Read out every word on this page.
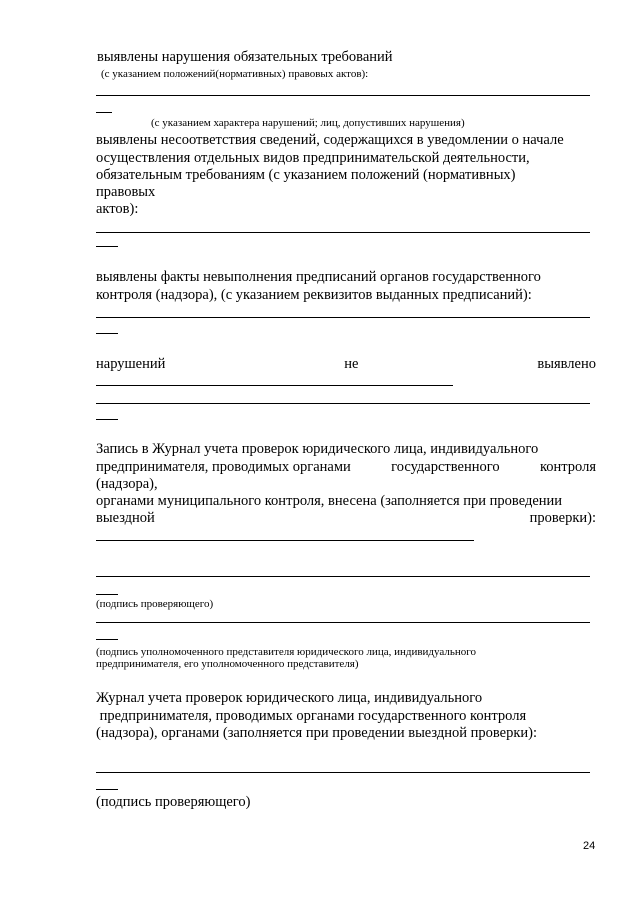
выявлены нарушения обязательных требований
(с указанием положений(нормативных) правовых актов):
(с указанием характера нарушений; лиц, допустивших нарушения)
выявлены несоответствия сведений, содержащихся в уведомлении о начале
осуществления отдельных видов предпринимательской деятельности,
обязательным требованиям (с указанием положений (нормативных)
правовых
актов):
выявлены факты невыполнения предписаний органов государственного
контроля (надзора), (с указанием реквизитов выданных предписаний):
нарушений	не	выявлено
Запись в Журнал учета проверок юридического лица, индивидуального
предпринимателя, проводимых органами	государственного	контроля
(надзора),
органами муниципального контроля, внесена (заполняется при проведении
выездной	проверки):
(подпись проверяющего)
(подпись уполномоченного представителя юридического лица, индивидуального
предпринимателя, его уполномоченного представителя)
Журнал учета проверок юридического лица, индивидуального
предпринимателя, проводимых органами государственного контроля
(надзора), органами (заполняется при проведении выездной проверки):
(подпись проверяющего)
24
